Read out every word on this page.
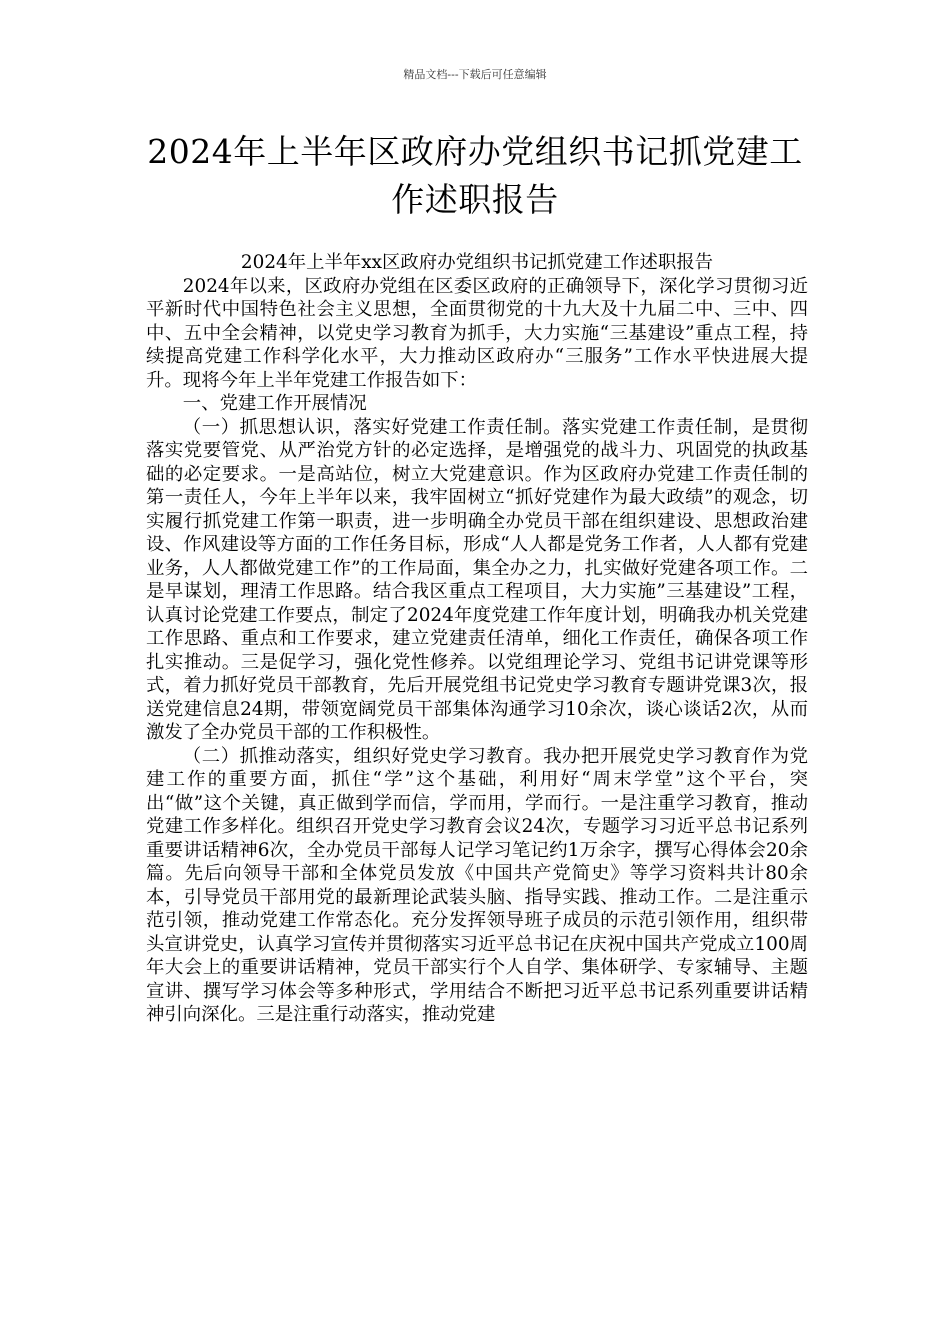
精品文档---下载后可任意编辑
2024年上半年区政府办党组织书记抓党建工作述职报告

2024年上半年xx区政府办党组织书记抓党建工作述职报告

2024年以来，区政府办党组在区委区政府的正确领导下，深化学习贯彻习近平新时代中国特色社会主义思想，全面贯彻党的十九大及十九届二中、三中、四中、五中全会精神，以党史学习教育为抓手，大力实施“三基建设”重点工程，持续提高党建工作科学化水平，大力推动区政府办“三服务”工作水平快进展大提升。现将今年上半年党建工作报告如下：

一、党建工作开展情况

（一）抓思想认识，落实好党建工作责任制。落实党建工作责任制，是贯彻落实党要管党、从严治党方针的必定选择，是增强党的战斗力、巩固党的执政基础的必定要求。一是高站位，树立大党建意识。作为区政府办党建工作责任制的第一责任人，今年上半年以来，我牢固树立“抓好党建作为最大政绩”的观念，切实履行抓党建工作第一职责，进一步明确全办党员干部在组织建设、思想政治建设、作风建设等方面的工作任务目标，形成“人人都是党务工作者，人人都有党建业务，人人都做党建工作”的工作局面，集全办之力，扎实做好党建各项工作。二是早谋划，理清工作思路。结合我区重点工程项目，大力实施”三基建设”工程，认真讨论党建工作要点，制定了2024年度党建工作年度计划，明确我办机关党建工作思路、重点和工作要求，建立党建责任清单，细化工作责任，确保各项工作扎实推动。三是促学习，强化党性修养。以党组理论学习、党组书记讲党课等形式，着力抓好党员干部教育，先后开展党组书记党史学习教育专题讲党课3次，报送党建信息24期，带领宽阔党员干部集体沟通学习10余次，谈心谈话2次，从而激发了全办党员干部的工作积极性。

（二）抓推动落实，组织好党史学习教育。我办把开展党史学习教育作为党建工作的重要方面，抓住“学”这个基础，利用好“周末学堂”这个平台，突出“做”这个关键，真正做到学而信，学而用，学而行。一是注重学习教育，推动党建工作多样化。组织召开党史学习教育会议24次，专题学习习近平总书记系列重要讲话精神6次，全办党员干部每人记学习笔记约1万余字，撰写心得体会20余篇。先后向领导干部和全体党员发放《中国共产党简史》等学习资料共计80余本，引导党员干部用党的最新理论武装头脑、指导实践、推动工作。二是注重示范引领，推动党建工作常态化。充分发挥领导班子成员的示范引领作用，组织带头宣讲党史，认真学习宣传并贯彻落实习近平总书记在庆祝中国共产党成立100周年大会上的重要讲话精神，党员干部实行个人自学、集体研学、专家辅导、主题宣讲、撰写学习体会等多种形式，学用结合不断把习近平总书记系列重要讲话精神引向深化。三是注重行动落实，推动党建
